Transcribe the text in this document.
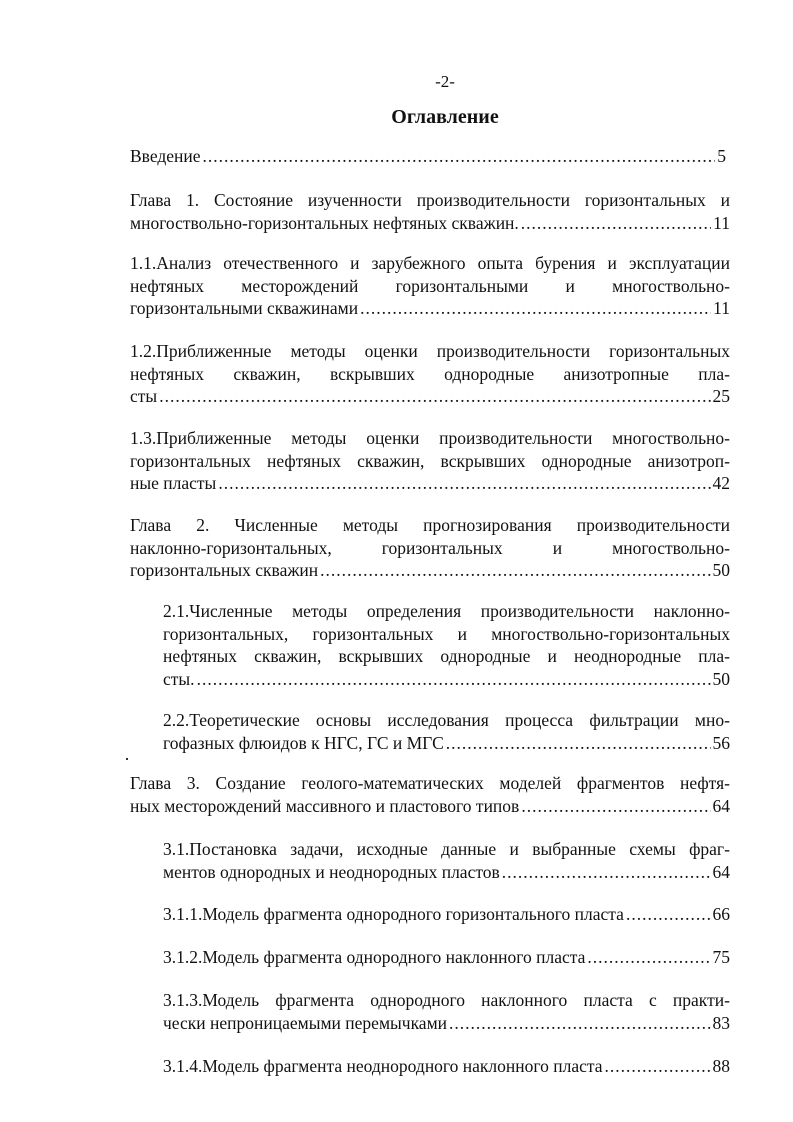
-2-
Оглавление
Введение .....	5
Глава 1. Состояние изученности производительности горизонтальных и
многоствольно-горизонтальных нефтяных скважин. .....	11
1.1.Анализ отечественного и зарубежного опыта бурения и эксплуатации
нефтяных месторождений горизонтальными и многоствольно-
горизонтальными скважинами .....	11
1.2.Приближенные методы оценки производительности горизонтальных
нефтяных скважин, вскрывших однородные анизотропные пла-
сты .....	25
1.3.Приближенные методы оценки производительности многоствольно-
горизонтальных нефтяных скважин, вскрывших однородные анизотроп-
ные пласты .....	42
Глава 2. Численные методы прогнозирования производительности
наклонно-горизонтальных,	горизонтальных	и	многоствольно-
горизонтальных скважин .....	50
2.1.Численные методы определения производительности наклонно-
горизонтальных, горизонтальных и многоствольно-горизонтальных
нефтяных скважин, вскрывших однородные и неоднородные пла-
сты. .....	50
2.2.Теоретические основы исследования процесса фильтрации мно-
гофазных флюидов к НГС, ГС и МГС .....	56
Глава 3. Создание геолого-математических моделей фрагментов нефтя-
ных месторождений массивного и пластового типов .....	64
3.1.Постановка задачи, исходные данные и выбранные схемы фраг-
ментов однородных и неоднородных пластов .....	64
3.1.1.Модель фрагмента однородного горизонтального пласта .....	66
3.1.2.Модель фрагмента однородного наклонного пласта .....	75
3.1.3.Модель фрагмента однородного наклонного пласта с практи-
чески непроницаемыми перемычками .....	83
3.1.4.Модель фрагмента неоднородного наклонного пласта .....	88
